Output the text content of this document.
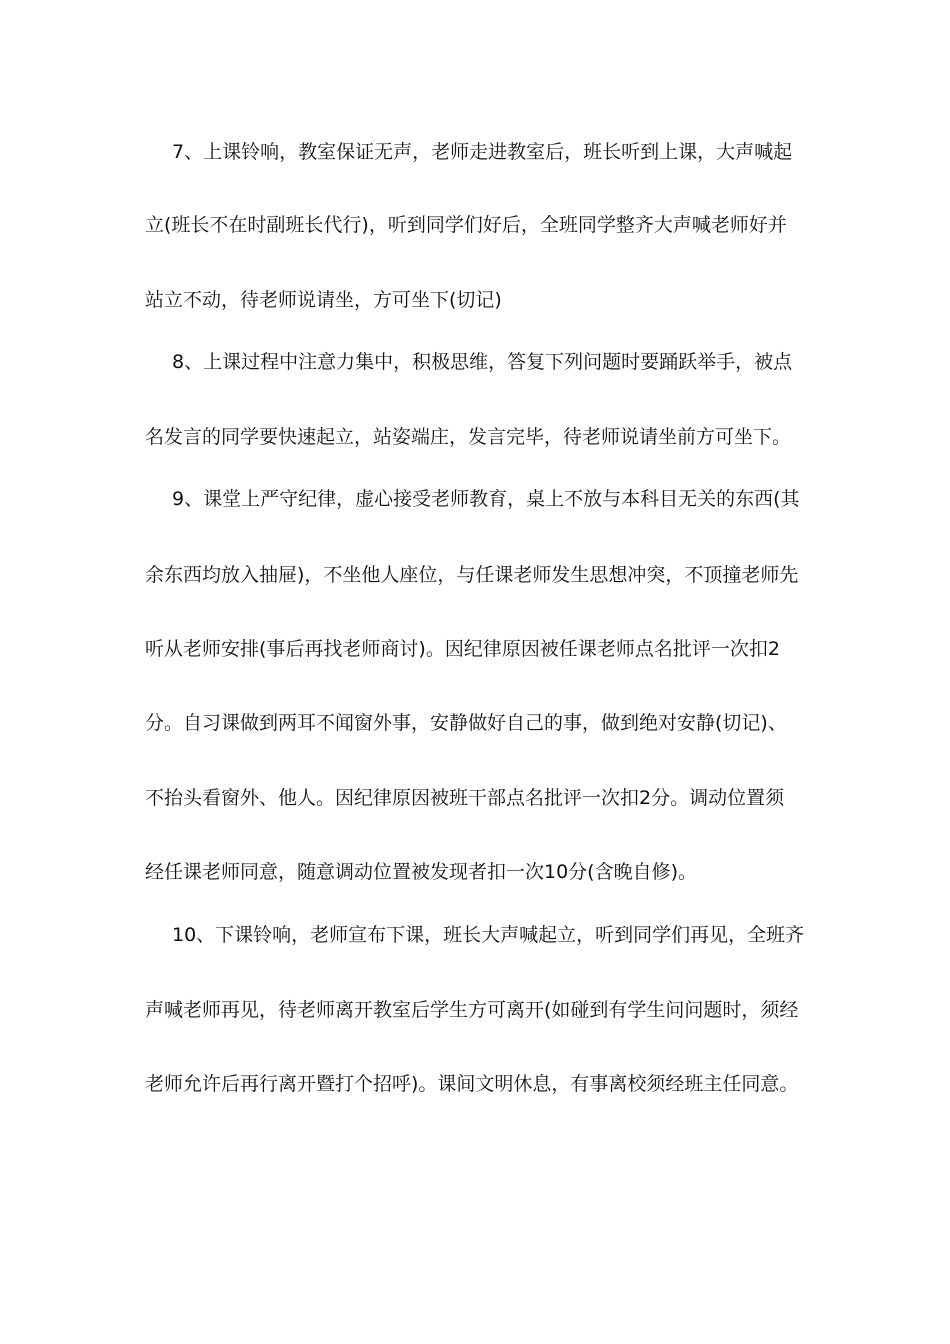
7、上课铃响，教室保证无声，老师走进教室后，班长听到上课，大声喊起
立(班长不在时副班长代行)，听到同学们好后，全班同学整齐大声喊老师好并
站立不动，待老师说请坐，方可坐下(切记)
8、上课过程中注意力集中，积极思维，答复下列问题时要踊跃举手，被点
名发言的同学要快速起立，站姿端庄，发言完毕，待老师说请坐前方可坐下。
9、课堂上严守纪律，虚心接受老师教育，桌上不放与本科目无关的东西(其
余东西均放入抽屉)，不坐他人座位，与任课老师发生思想冲突，不顶撞老师先
听从老师安排(事后再找老师商讨)。因纪律原因被任课老师点名批评一次扣2
分。自习课做到两耳不闻窗外事，安静做好自己的事，做到绝对安静(切记)、
不抬头看窗外、他人。因纪律原因被班干部点名批评一次扣2分。调动位置须
经任课老师同意，随意调动位置被发现者扣一次10分(含晚自修)。
10、下课铃响，老师宣布下课，班长大声喊起立，听到同学们再见，全班齐
声喊老师再见，待老师离开教室后学生方可离开(如碰到有学生问问题时，须经
老师允许后再行离开暨打个招呼)。课间文明休息，有事离校须经班主任同意。
